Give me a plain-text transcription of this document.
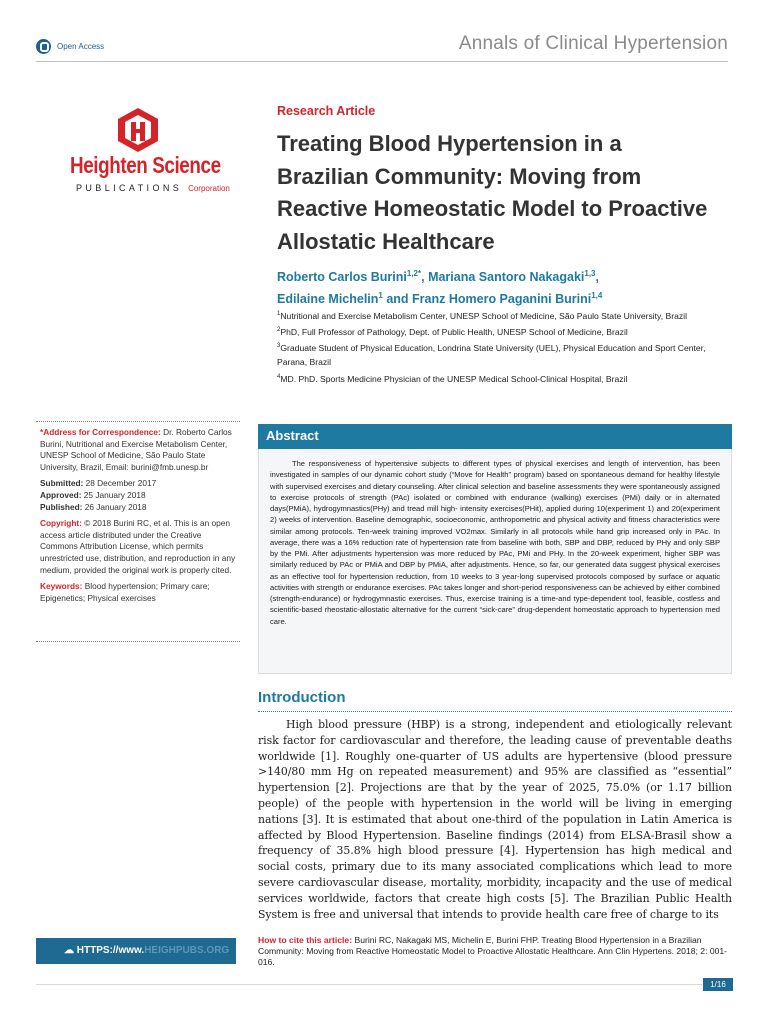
Open Access	Annals of Clinical Hypertension
Heighten Science
PUBLICATIONS Corporation
Research Article
Treating Blood Hypertension in a Brazilian Community: Moving from Reactive Homeostatic Model to Proactive Allostatic Healthcare
Roberto Carlos Burini$^{1,2*}$, Mariana Santoro Nakagaki$^{1,3}$,
Edilaine Michelin$^1$ and Franz Homero Paganini Burini$^{1,4}$
$^1$Nutritional and Exercise Metabolism Center, UNESP School of Medicine, São Paulo State University, Brazil
$^2$PhD, Full Professor of Pathology, Dept. of Public Health, UNESP School of Medicine, Brazil
$^3$Graduate Student of Physical Education, Londrina State University (UEL), Physical Education and Sport Center, Parana, Brazil
$^4$MD. PhD. Sports Medicine Physician of the UNESP Medical School-Clinical Hospital, Brazil

*Address for Correspondence: Dr. Roberto Carlos Burini, Nutritional and Exercise Metabolism Center, UNESP School of Medicine, São Paulo State University, Brazil, Email: burini@fmb.unesp.br

Submitted: 28 December 2017
Approved: 25 January 2018
Published: 26 January 2018

Copyright: © 2018 Burini RC, et al. This is an open access article distributed under the Creative Commons Attribution License, which permits unrestricted use, distribution, and reproduction in any medium, provided the original work is properly cited.

Keywords: Blood hypertension; Primary care; Epigenetics; Physical exercises

Abstract
The responsiveness of hypertensive subjects to different types of physical exercises and length of intervention, has been investigated in samples of our dynamic cohort study (“Move for Health” program) based on spontaneous demand for healthy lifestyle with supervised exercises and dietary counseling. After clinical selection and baseline assessments they were spontaneously assigned to exercise protocols of strength (PAc) isolated or combined with endurance (walking) exercises (PMi) daily or in alternated days(PMiA), hydrogymnastics(PHy) and tread mill high- intensity exercises(PHit), applied during 10(experiment 1) and 20(experiment 2) weeks of intervention. Baseline demographic, socioeconomic, anthropometric and physical activity and fitness characteristics were similar among protocols. Ten-week training improved VO2max. Similarly in all protocols while hand grip increased only in PAc. In average, there was a 16% reduction rate of hypertension rate from baseline with both, SBP and DBP, reduced by PHy and only SBP by the PMi. After adjustments hypertension was more reduced by PAc, PMi and PHy. In the 20-week experiment, higher SBP was similarly reduced by PAc or PMiA and DBP by PMiA, after adjustments. Hence, so far, our generated data suggest physical exercises as an effective tool for hypertension reduction, from 10 weeks to 3 year-long supervised protocols composed by surface or aquatic activities with strength or endurance exercises. PAc takes longer and short-period responsiveness can be achieved by either combined (strength-endurance) or hydrogymnastic exercises. Thus, exercise training is a time-and type-dependent tool, feasible, costless and scientific-based rheostatic-allostatic alternative for the current “sick-care” drug-dependent homeostatic approach to hypertension med care.
Introduction
High blood pressure (HBP) is a strong, independent and etiologically relevant risk factor for cardiovascular and therefore, the leading cause of preventable deaths worldwide [1]. Roughly one-quarter of US adults are hypertensive (blood pressure >140/80 mm Hg on repeated measurement) and 95% are classified as “essential” hypertension [2]. Projections are that by the year of 2025, 75.0% (or 1.17 billion people) of the people with hypertension in the world will be living in emerging nations [3]. It is estimated that about one-third of the population in Latin America is affected by Blood Hypertension. Baseline findings (2014) from ELSA-Brasil show a frequency of 35.8% high blood pressure [4]. Hypertension has high medical and social costs, primary due to its many associated complications which lead to more severe cardiovascular disease, mortality, morbidity, incapacity and the use of medical services worldwide, factors that create high costs [5]. The Brazilian Public Health System is free and universal that intends to provide health care free of charge to its
☁ HTTPS://www.HEIGHPUBS.ORG
How to cite this article: Burini RC, Nakagaki MS, Michelin E, Burini FHP. Treating Blood Hypertension in a Brazilian Community: Moving from Reactive Homeostatic Model to Proactive Allostatic Healthcare. Ann Clin Hypertens. 2018; 2: 001-016.
1/16
